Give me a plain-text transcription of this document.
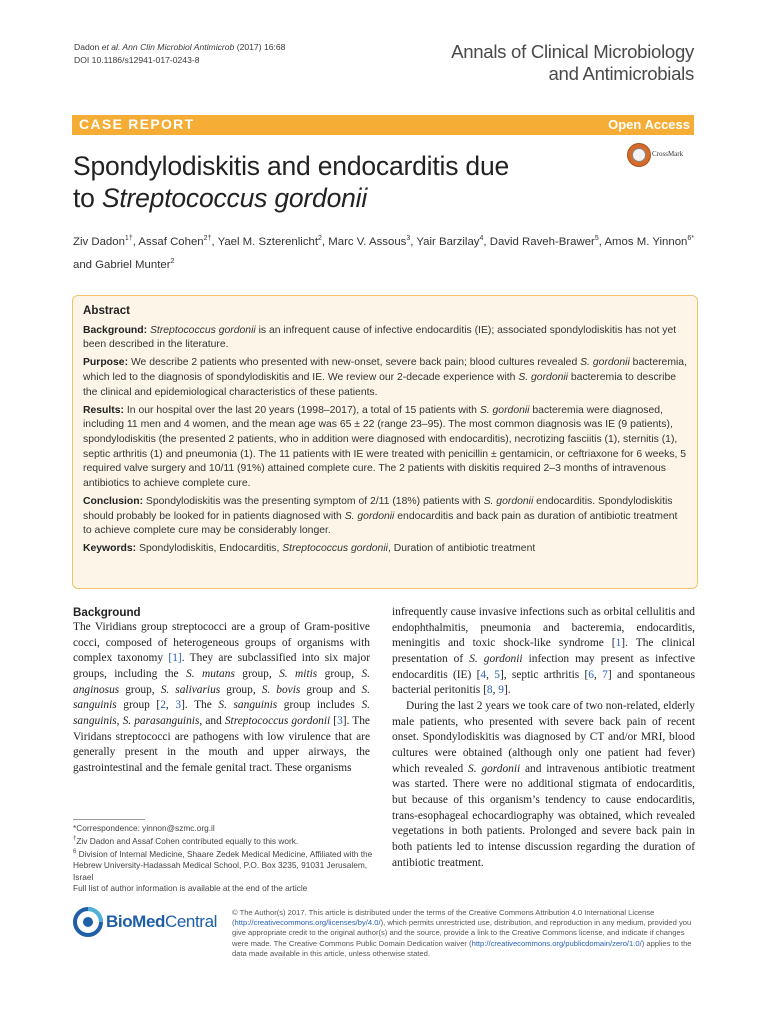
Dadon et al. Ann Clin Microbiol Antimicrob (2017) 16:68
DOI 10.1186/s12941-017-0243-8	Annals of Clinical Microbiology
and Antimicrobials
CASE REPORT	Open Access
Spondylodiskitis and endocarditis due
to Streptococcus gordonii
CrossMark
Ziv Dadon$^{1\dagger}$, Assaf Cohen$^{2\dagger}$, Yael M. Szterenlicht$^2$, Marc V. Assous$^3$, Yair Barzilay$^4$, David Raveh-Brawer$^5$, Amos M. Yinnon$^{6*}$ and Gabriel Munter$^2$
Abstract

Background: Streptococcus gordonii is an infrequent cause of infective endocarditis (IE); associated spondylodiskitis has not yet been described in the literature.

Purpose: We describe 2 patients who presented with new-onset, severe back pain; blood cultures revealed S. gordonii bacteremia, which led to the diagnosis of spondylodiskitis and IE. We review our 2-decade experience with S. gordonii bacteremia to describe the clinical and epidemiological characteristics of these patients.

Results: In our hospital over the last 20 years (1998–2017), a total of 15 patients with S. gordonii bacteremia were diagnosed, including 11 men and 4 women, and the mean age was 65 ± 22 (range 23–95). The most common diagnosis was IE (9 patients), spondylodiskitis (the presented 2 patients, who in addition were diagnosed with endocarditis), necrotizing fasciitis (1), sternitis (1), septic arthritis (1) and pneumonia (1). The 11 patients with IE were treated with penicillin ± gentamicin, or ceftriaxone for 6 weeks, 5 required valve surgery and 10/11 (91%) attained complete cure. The 2 patients with diskitis required 2–3 months of intravenous antibiotics to achieve complete cure.

Conclusion: Spondylodiskitis was the presenting symptom of 2/11 (18%) patients with S. gordonii endocarditis. Spondylodiskitis should probably be looked for in patients diagnosed with S. gordonii endocarditis and back pain as duration of antibiotic treatment to achieve complete cure may be considerably longer.

Keywords: Spondylodiskitis, Endocarditis, Streptococcus gordonii, Duration of antibiotic treatment

Background

The Viridians group streptococci are a group of Gram-positive cocci, composed of heterogeneous groups of organisms with complex taxonomy [1]. They are subclassified into six major groups, including the S. mutans group, S. mitis group, S. anginosus group, S. salivarius group, S. bovis group and S. sanguinis group [2, 3]. The S. sanguinis group includes S. sanguinis, S. parasanguinis, and Streptococcus gordonii [3]. The Viridans streptococci are pathogens with low virulence that are generally present in the mouth and upper airways, the gastrointestinal and the female genital tract. These organisms

infrequently cause invasive infections such as orbital cellulitis and endophthalmitis, pneumonia and bacteremia, endocarditis, meningitis and toxic shock-like syndrome [1]. The clinical presentation of S. gordonii infection may present as infective endocarditis (IE) [4, 5], septic arthritis [6, 7] and spontaneous bacterial peritonitis [8, 9].

During the last 2 years we took care of two non-related, elderly male patients, who presented with severe back pain of recent onset. Spondylodiskitis was diagnosed by CT and/or MRI, blood cultures were obtained (although only one patient had fever) which revealed S. gordonii and intravenous antibiotic treatment was started. There were no additional stigmata of endocarditis, but because of this organism’s tendency to cause endocarditis, trans-esophageal echocardiography was obtained, which revealed vegetations in both patients. Prolonged and severe back pain in both patients led to intense discussion regarding the duration of antibiotic treatment.

*Correspondence: yinnon@szmc.org.il
†Ziv Dadon and Assaf Cohen contributed equally to this work.
$^6$ Division of Internal Medicine, Shaare Zedek Medical Medicine, Affiliated with the Hebrew University-Hadassah Medical School, P.O. Box 3235, 91031 Jerusalem, Israel
Full list of author information is available at the end of the article
BioMed Central © The Author(s) 2017. This article is distributed under the terms of the Creative Commons Attribution 4.0 International License (http://creativecommons.org/licenses/by/4.0/), which permits unrestricted use, distribution, and reproduction in any medium, provided you give appropriate credit to the original author(s) and the source, provide a link to the Creative Commons license, and indicate if changes were made. The Creative Commons Public Domain Dedication waiver (http://creativecommons.org/publicdomain/zero/1.0/) applies to the data made available in this article, unless otherwise stated.
